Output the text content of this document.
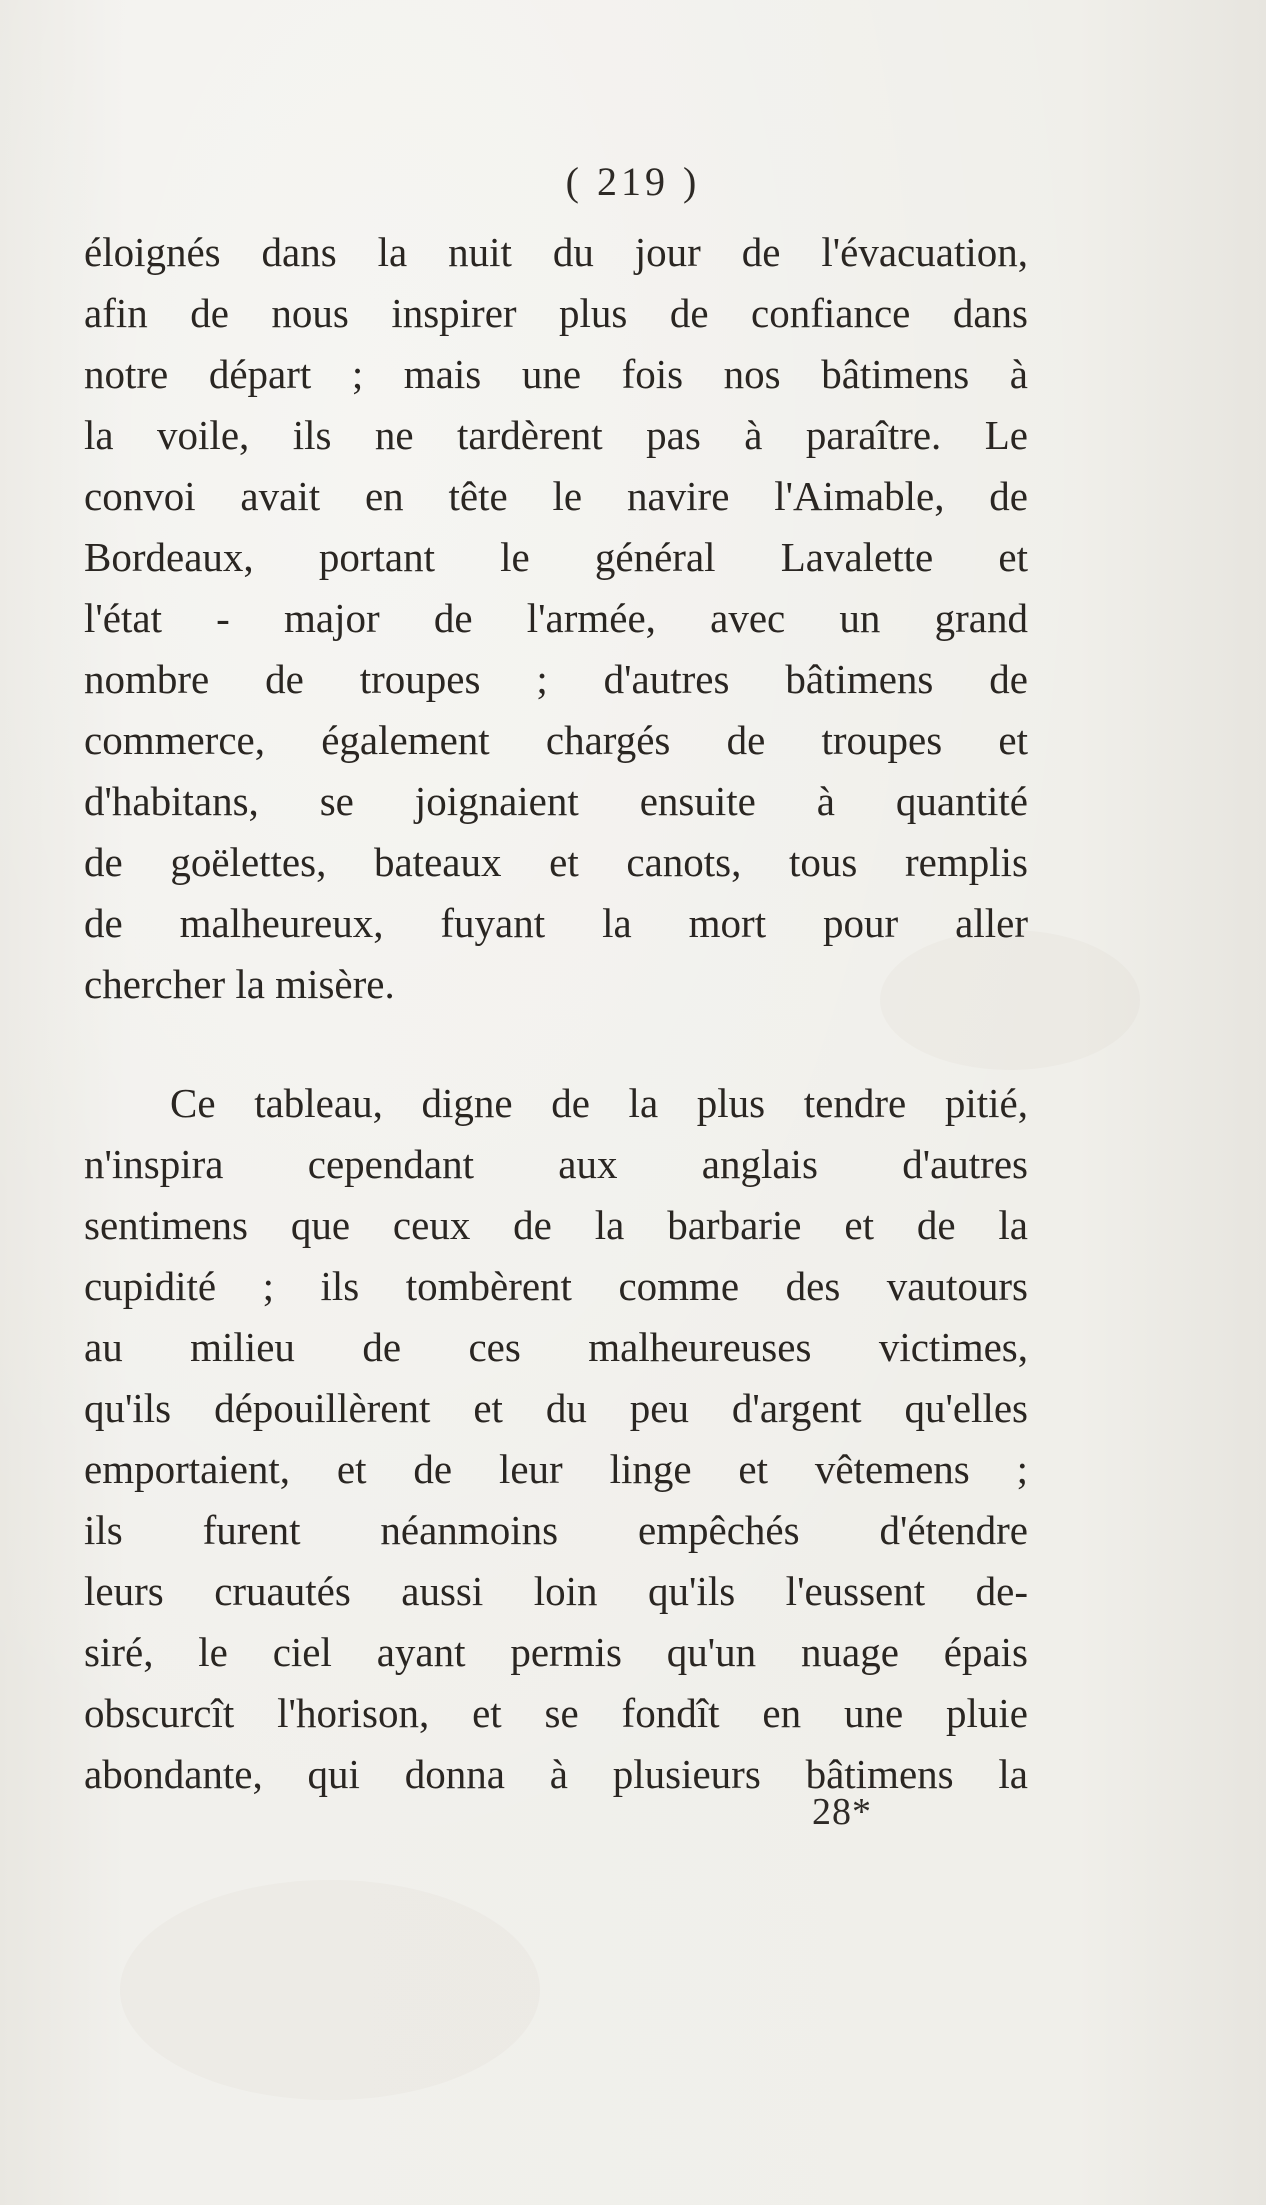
( 219 )
éloignés dans la nuit du jour de l'évacuation,
afin de nous inspirer plus de confiance dans
notre départ ; mais une fois nos bâtimens à
la voile, ils ne tardèrent pas à paraître. Le
convoi avait en tête le navire l'Aimable, de
Bordeaux, portant le général Lavalette et
l'état - major de l'armée, avec un grand
nombre de troupes ; d'autres bâtimens de
commerce, également chargés de troupes et
d'habitans, se joignaient ensuite à quantité
de goëlettes, bateaux et canots, tous remplis
de malheureux, fuyant la mort pour aller
chercher la misère.
Ce tableau, digne de la plus tendre pitié,
n'inspira cependant aux anglais d'autres
sentimens que ceux de la barbarie et de la
cupidité ; ils tombèrent comme des vautours
au milieu de ces malheureuses victimes,
qu'ils dépouillèrent et du peu d'argent qu'elles
emportaient, et de leur linge et vêtemens ;
ils furent néanmoins empêchés d'étendre
leurs cruautés aussi loin qu'ils l'eussent de-
siré, le ciel ayant permis qu'un nuage épais
obscurcît l'horison, et se fondît en une pluie
abondante, qui donna à plusieurs bâtimens la
28*
